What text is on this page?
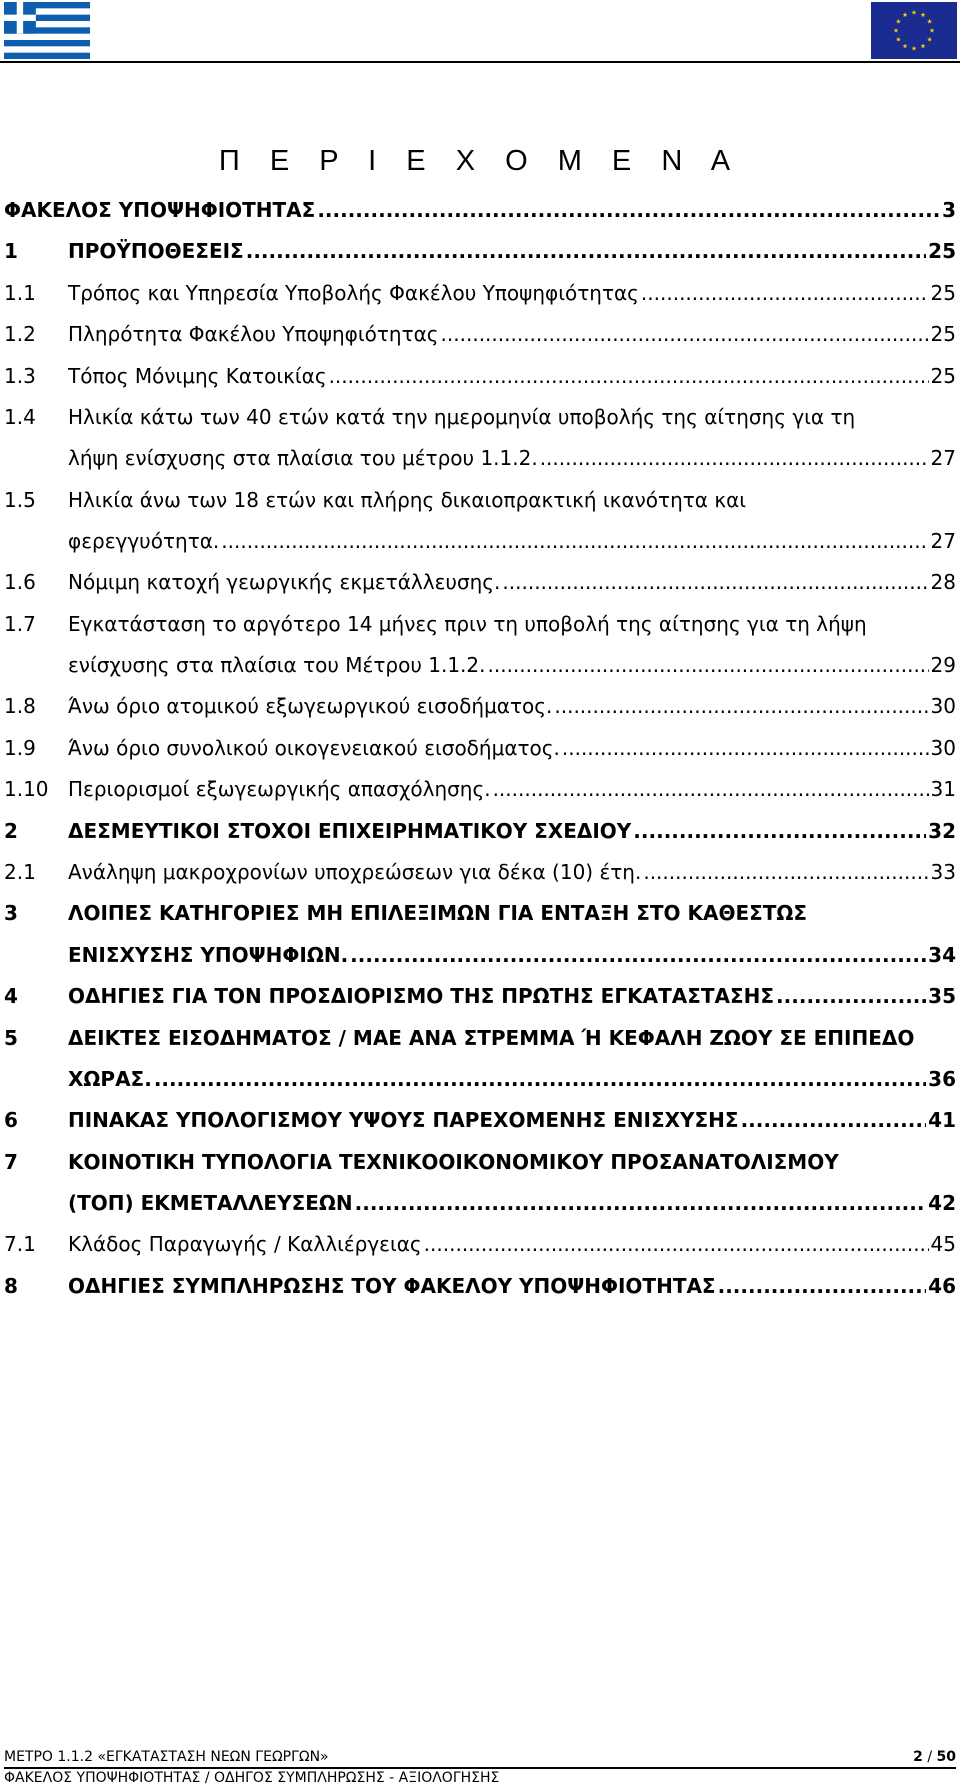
Π Ε Ρ Ι Ε Χ Ο Μ Ε Ν Α
ΦΑΚΕΛΟΣ ΥΠΟΨΗΦΙΟΤΗΤΑΣ .....	3
1	ΠΡΟΫΠΟΘΕΣΕΙΣ .....	25
1.1 Τρόπος και Υπηρεσία Υποβολής Φακέλου Υποψηφιότητας .....	25
1.2 Πληρότητα Φακέλου Υποψηφιότητας .....	25
1.3 Τόπος Μόνιμης Κατοικίας .....	25
1.4 Ηλικία κάτω των 40 ετών κατά την ημερομηνία υποβολής της αίτησης για τη
λήψη ενίσχυσης στα πλαίσια του μέτρου 1.1.2. .....	27
1.5 Ηλικία άνω των 18 ετών και πλήρης δικαιοπρακτική ικανότητα και
φερεγγυότητα. .....	27
1.6 Νόμιμη κατοχή γεωργικής εκμετάλλευσης. .....	28
1.7 Εγκατάσταση το αργότερο 14 μήνες πριν τη υποβολή της αίτησης για τη λήψη
ενίσχυσης στα πλαίσια του Μέτρου 1.1.2. .....	29
1.8 Άνω όριο ατομικού εξωγεωργικού εισοδήματος. .....	30
1.9 Άνω όριο συνολικού οικογενειακού εισοδήματος. .....	30
1.10 Περιορισμοί εξωγεωργικής απασχόλησης. .....	31
2	ΔΕΣΜΕΥΤΙΚΟΙ ΣΤΟΧΟΙ ΕΠΙΧΕΙΡΗΜΑΤΙΚΟΥ ΣΧΕΔΙΟΥ .....	32
2.1 Ανάληψη μακροχρονίων υποχρεώσεων για δέκα (10) έτη. .....	33
3	ΛΟΙΠΕΣ ΚΑΤΗΓΟΡΙΕΣ ΜΗ ΕΠΙΛΕΞΙΜΩΝ ΓΙΑ ΕΝΤΑΞΗ ΣΤΟ ΚΑΘΕΣΤΩΣ
ΕΝΙΣΧΥΣΗΣ ΥΠΟΨΗΦΙΩΝ. .....	34
4	ΟΔΗΓΙΕΣ ΓΙΑ ΤΟΝ ΠΡΟΣΔΙΟΡΙΣΜΟ ΤΗΣ ΠΡΩΤΗΣ ΕΓΚΑΤΑΣΤΑΣΗΣ .....	35
5	ΔΕΙΚΤΕΣ ΕΙΣΟΔΗΜΑΤΟΣ / ΜΑΕ ΑΝΑ ΣΤΡΕΜΜΑ Ή ΚΕΦΑΛΗ ΖΩΟΥ ΣΕ ΕΠΙΠΕΔΟ
ΧΩΡΑΣ. .....	36
6	ΠΙΝΑΚΑΣ ΥΠΟΛΟΓΙΣΜΟΥ ΥΨΟΥΣ ΠΑΡΕΧΟΜΕΝΗΣ ΕΝΙΣΧΥΣΗΣ .....	41
7	ΚΟΙΝΟΤΙΚΗ ΤΥΠΟΛΟΓΙΑ ΤΕΧΝΙΚΟΟΙΚΟΝΟΜΙΚΟΥ ΠΡΟΣΑΝΑΤΟΛΙΣΜΟΥ
(ΤΟΠ) ΕΚΜΕΤΑΛΛΕΥΣΕΩΝ .....	42
7.1 Κλάδος Παραγωγής / Καλλιέργειας .....	45
8	ΟΔΗΓΙΕΣ ΣΥΜΠΛΗΡΩΣΗΣ ΤΟΥ ΦΑΚΕΛΟΥ ΥΠΟΨΗΦΙΟΤΗΤΑΣ .....	46
ΜΕΤΡΟ 1.1.2 «ΕΓΚΑΤΑΣΤΑΣΗ ΝΕΩΝ ΓΕΩΡΓΩΝ»	2 / 50
ΦΑΚΕΛΟΣ ΥΠΟΨΗΦΙΟΤΗΤΑΣ / ΟΔΗΓΟΣ ΣΥΜΠΛΗΡΩΣΗΣ - ΑΞΙΟΛΟΓΗΣΗΣ
